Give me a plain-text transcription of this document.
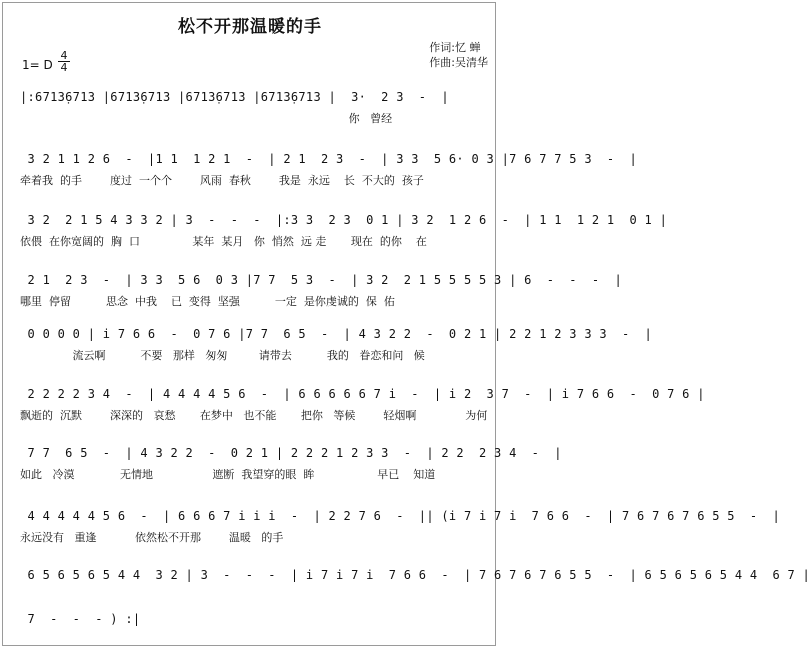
松不开那温暖的手
作词:忆 蝉
作曲:吴清华
1= D $\frac{4}{4}$
|:6713̣6713 |6713̣6713 |6713̣6713 |6713̣6713 |  3·  2 3  -  |
你   曾经
3 2 1 1 2 6  -  |1 1  1 2 1  -  | 2 1  2 3  -  | 3 3  5 6· 0 3 |7 6 7 7 5 3  -  |
牵着我  的手        度过  一个个        风雨  春秋        我是  永远    长  不大的  孩子
3 2  2 1 5 4 3 3 2 | 3  -  -  -  |:3 3  2 3  0 1 | 3 2  1 2 6  -  | 1 1  1 2 1  0 1 |
依偎  在你宽阔的  胸  口               某年  某月   你  悄然  远 走       现在  的你    在
2 1  2 3  -  | 3 3  5 6  0 3 |7 7  5 3  -  | 3 2  2 1 5 5 5 5 3 | 6  -  -  -  |
哪里  停留          思念  中我    已  变得  坚强          一定  是你虔诚的  保  佑
0 0 0 0 | i 7 6 6  -  0 7 6 |7 7  6 5  -  | 4 3 2 2  -  0 2 1 | 2 2 1 2 3 3 3  -  |
流云啊          不要   那样   匆匆         请带去          我的   眷恋和问   候
2 2 2 2 3 4  -  | 4 4 4 4 5 6  -  | 6 6 6 6 6 7 i  -  | i 2  3 7  -  | i 7 6 6  -  0 7 6 |
飘逝的  沉默        深深的   哀愁       在梦中   也不能       把你   等候        轻烟啊              为何
7 7  6 5  -  | 4 3 2 2  -  0 2 1 | 2 2 2 1 2 3 3  -  | 2 2  2 3 4  -  |
如此   冷漠             无情地                 遮断  我望穿的眼  眸                  早已    知道
4 4 4 4 4 5 6  -  | 6 6 6 7 i i i  -  | 2 2 7 6  -  || (i 7 i 7 i  7 6 6  -  | 7 6 7 6 7 6 5 5  -  |
永远没有   重逢           依然松不开那        温暖   的手
6 5 6 5 6 5 4 4  3 2 | 3  -  -  -  | i 7 i 7 i  7 6 6  -  | 7 6 7 6 7 6 5 5  -  | 6 5 6 5 6 5 4 4  6 7 |
7  -  -  - ) :|
